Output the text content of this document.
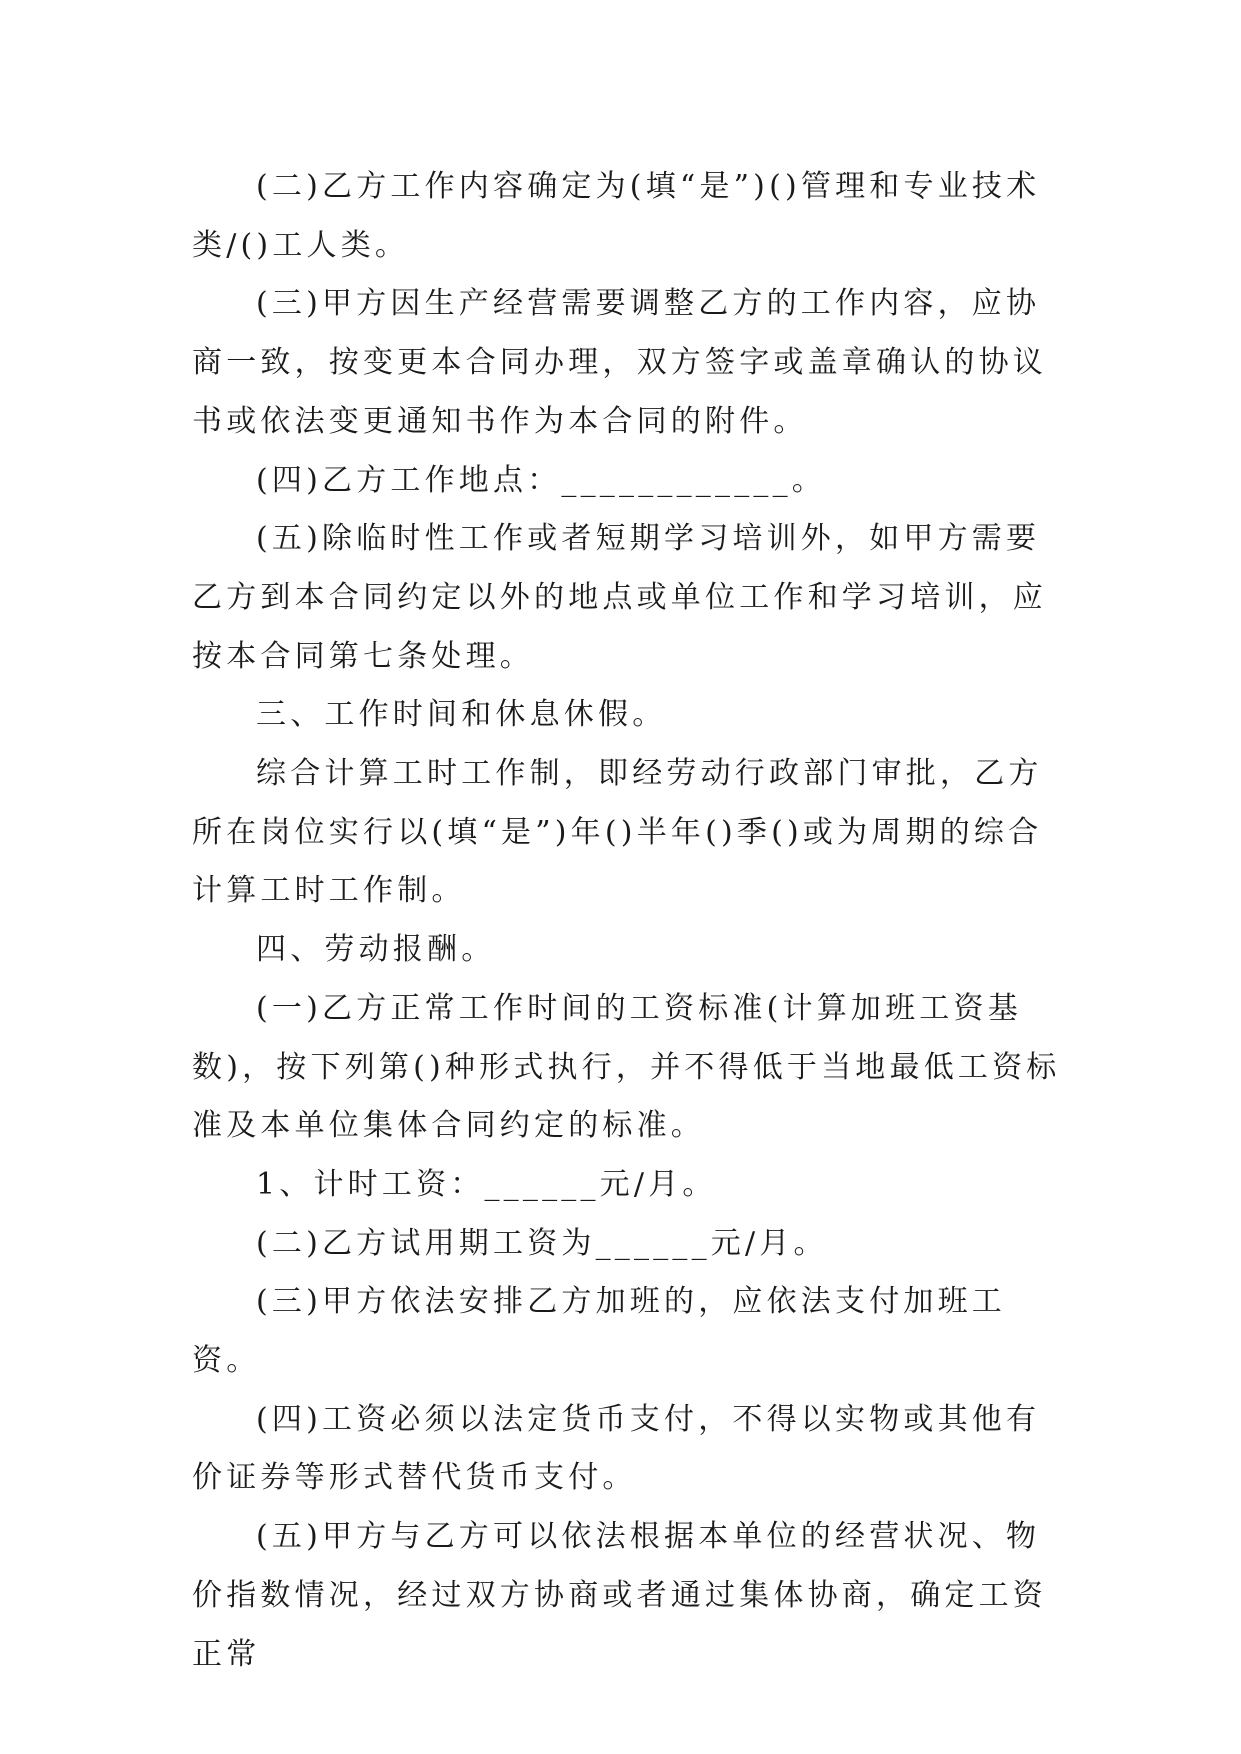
(二)乙方工作内容确定为(填“是”)()管理和专业技术类/()工人类。

(三)甲方因生产经营需要调整乙方的工作内容，应协商一致，按变更本合同办理，双方签字或盖章确认的协议书或依法变更通知书作为本合同的附件。

(四)乙方工作地点：____________。

(五)除临时性工作或者短期学习培训外，如甲方需要乙方到本合同约定以外的地点或单位工作和学习培训，应按本合同第七条处理。

三、工作时间和休息休假。

综合计算工时工作制，即经劳动行政部门审批，乙方所在岗位实行以(填“是”)年()半年()季()或为周期的综合计算工时工作制。

四、劳动报酬。

(一)乙方正常工作时间的工资标准(计算加班工资基数)，按下列第()种形式执行，并不得低于当地最低工资标准及本单位集体合同约定的标准。

1、计时工资：______元/月。

(二)乙方试用期工资为______元/月。

(三)甲方依法安排乙方加班的，应依法支付加班工资。

(四)工资必须以法定货币支付，不得以实物或其他有价证券等形式替代货币支付。

(五)甲方与乙方可以依法根据本单位的经营状况、物价指数情况，经过双方协商或者通过集体协商，确定工资正常
